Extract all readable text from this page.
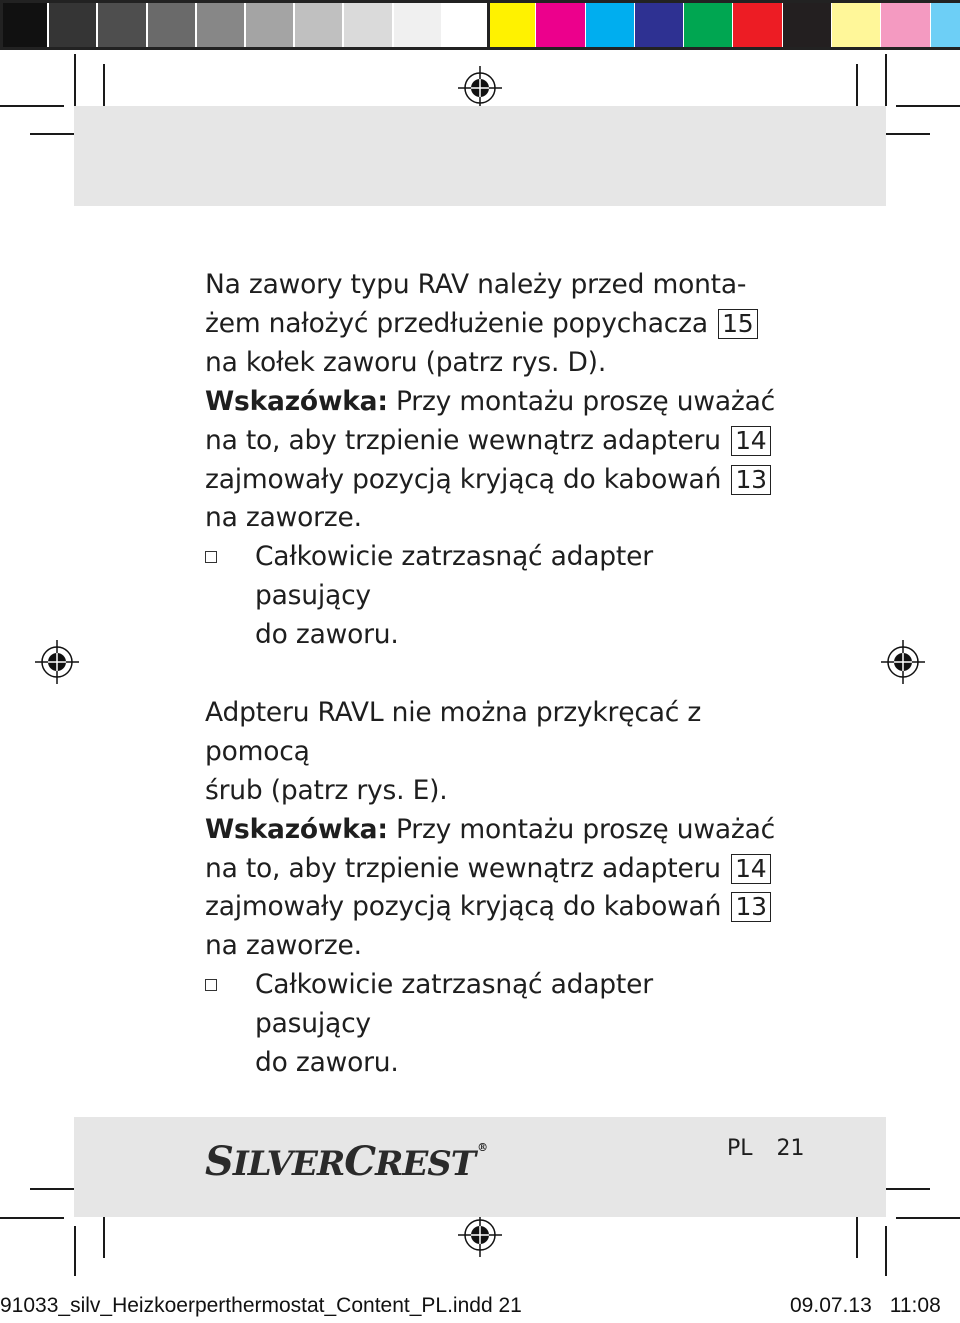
Na zawory typu RAV należy przed monta-
żem nałożyć przedłużenie popychacza 15
na kołek zaworu (patrz rys. D).

Wskazówka: Przy montażu proszę uważać
na to, aby trzpienie wewnątrz adapteru 14
zajmowały pozycją kryjącą do kabowań 13
na zaworze.

Całkowicie zatrzasnąć adapter pasujący
do zaworu.

Adpteru RAVL nie można przykręcać z pomocą
śrub (patrz rys. E).

Wskazówka: Przy montażu proszę uważać
na to, aby trzpienie wewnątrz adapteru 14
zajmowały pozycją kryjącą do kabowań 13
na zaworze.

Całkowicie zatrzasnąć adapter pasujący
do zaworu.

SILVERCREST ®	PL 21
91033_silv_Heizkoerperthermostat_Content_PL.indd 21	09.07.13 11:08
